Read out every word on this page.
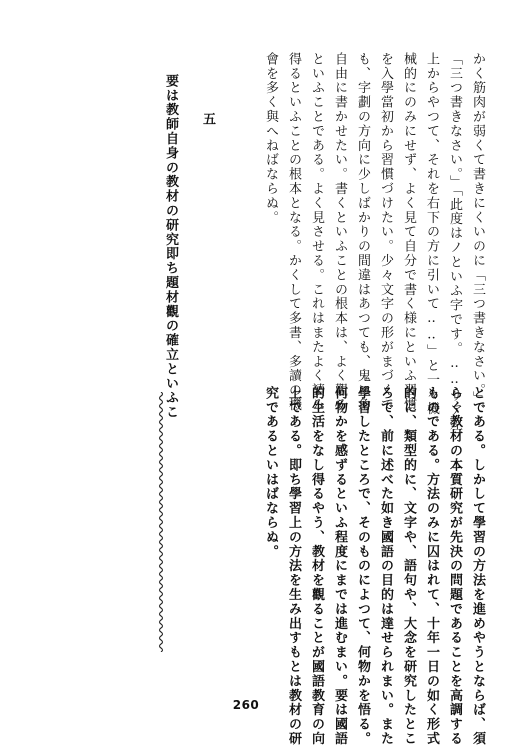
かく筋肉が弱くて書きにくいのに「三つ書きなさい。」
「三つ書きなさい。」「此度はノといふ字です。‥‥サア左
上からやつて、それを右下の方に引いて‥‥」と一々機
械的にのみにせず、よく見て自分で書く様にといふ習慣
を入學當初から習慣づけたい。少々文字の形がまづくて
も、字劃の方向に少しばかりの間違はあつても、鬼に角
自由に書かせたい。書くといふことの根本は、よく觀る
といふことである。よく見させる。これはまたよく讀み
得るといふことの根本となる。かくして多書、多讀の機
會を多く與へねばならぬ。
五
要は教師自身の教材の研究即ち題材觀の確立といふこ
とである。しかして學習の方法を進めやうとならば、須
らく教材の本質研究が先決の問題であることを高調する
ものである。方法のみに囚はれて、十年一日の如く形式
的に、類型的に、文字や、語句や、大念を研究したとこ
ろで、前に述べた如き國語の目的は達せられまい。また
學習したところで、そのものによつて、何物かを悟る。
何物かを感ずるといふ程度にまでは進むまい。要は國語
的生活をなし得るやう、教材を觀ることが國語教育の向
上である。即ち學習上の方法を生み出すもとは教材の研
究であるといはばならぬ。
260
